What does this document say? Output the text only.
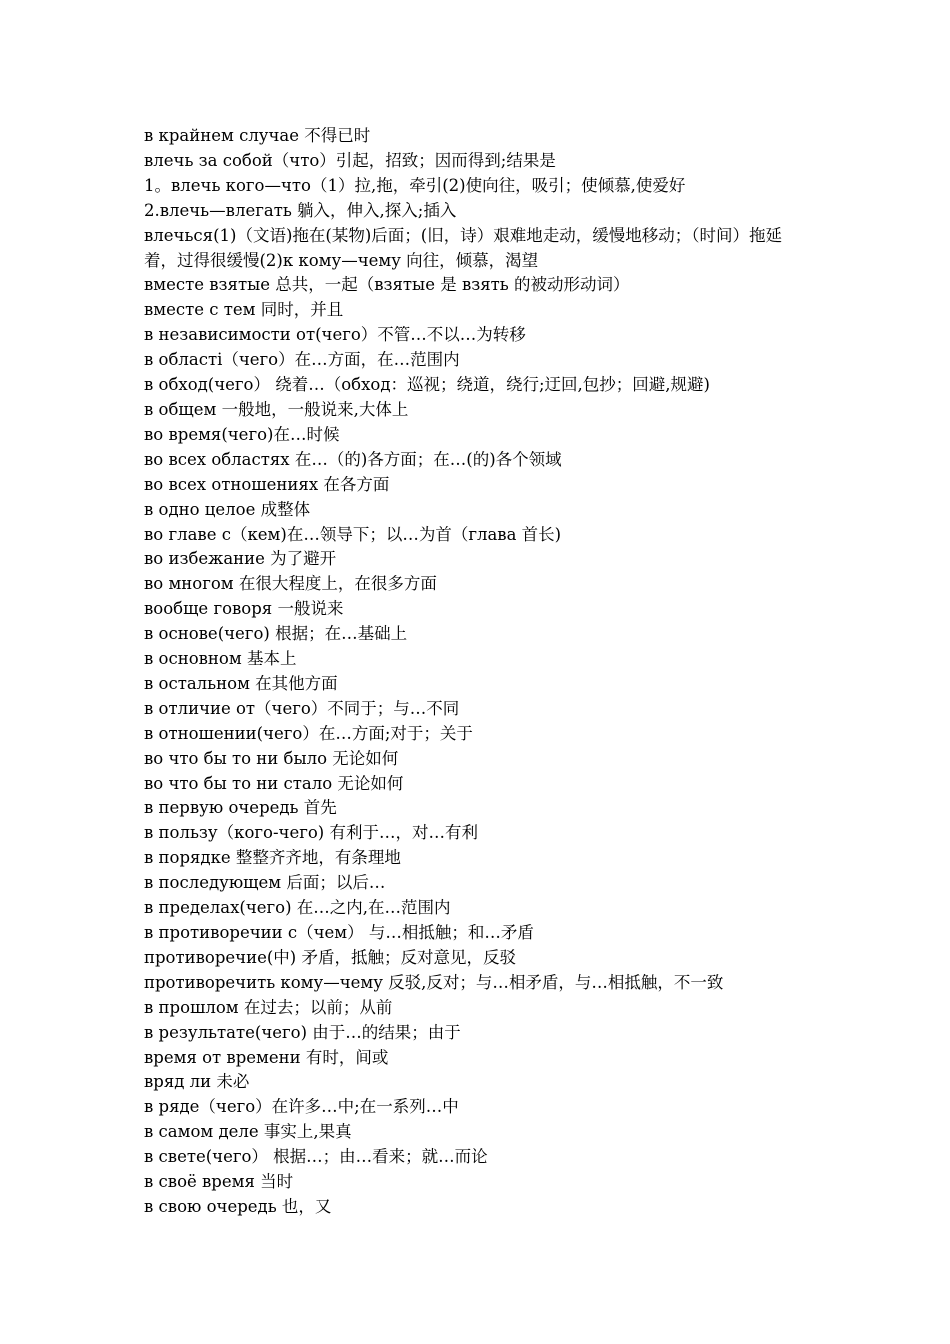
в крайнем случае 不得已时

влечь за собой（что）引起，招致；因而得到;结果是

1。влечь кого—что（1）拉,拖，牵引(2)使向往，吸引；使倾慕,使爱好

2.влечь—влегать 躺入，伸入,探入;插入

влечься(1)（文语)拖在(某物)后面；(旧，诗）艰难地走动，缓慢地移动；（时间）拖延着，过得很缓慢(2)к кому—чему 向往，倾慕，渴望

вместе взятые 总共，一起（взятые 是 взять 的被动形动词）

вместе с тем 同时，并且

в независимости от(чего）不管…不以…为转移

в області（чего）在…方面，在…范围内

в обход(чего） 绕着…（обход：巡视；绕道，绕行;迂回,包抄；回避,规避)

в общем 一般地，一般说来,大体上

во время(чего)在…时候

во всех областях 在…（的)各方面；在…(的)各个领域

во всех отношениях 在各方面

в одно целое 成整体

во главе с（кем)在…领导下；以…为首（глава 首长)

во избежание 为了避开

во многом 在很大程度上，在很多方面

вообще говоря 一般说来

в основе(чего) 根据；在…基础上

в основном 基本上

в остальном 在其他方面

в отличие от（чего）不同于；与…不同

в отношении(чего）在…方面;对于；关于

во что бы то ни было 无论如何

во что бы то ни стало 无论如何

в первую очередь 首先

в пользу（кого-чего) 有利于…，对…有利

в порядке 整整齐齐地，有条理地

в последующем 后面；以后…

в пределах(чего) 在…之内,在…范围内

в противоречии с（чем） 与…相抵触；和…矛盾

противоречие(中) 矛盾，抵触；反对意见，反驳

противоречить кому—чему 反驳,反对；与…相矛盾，与…相抵触，不一致

в прошлом 在过去；以前；从前

в результате(чего) 由于…的结果；由于

время от времени 有时，间或

вряд ли 未必

в ряде（чего）在许多…中;在一系列…中

в самом деле 事实上,果真

в свете(чего） 根据…；由…看来；就…而论

в своё время 当时

в свою очередь 也，又
